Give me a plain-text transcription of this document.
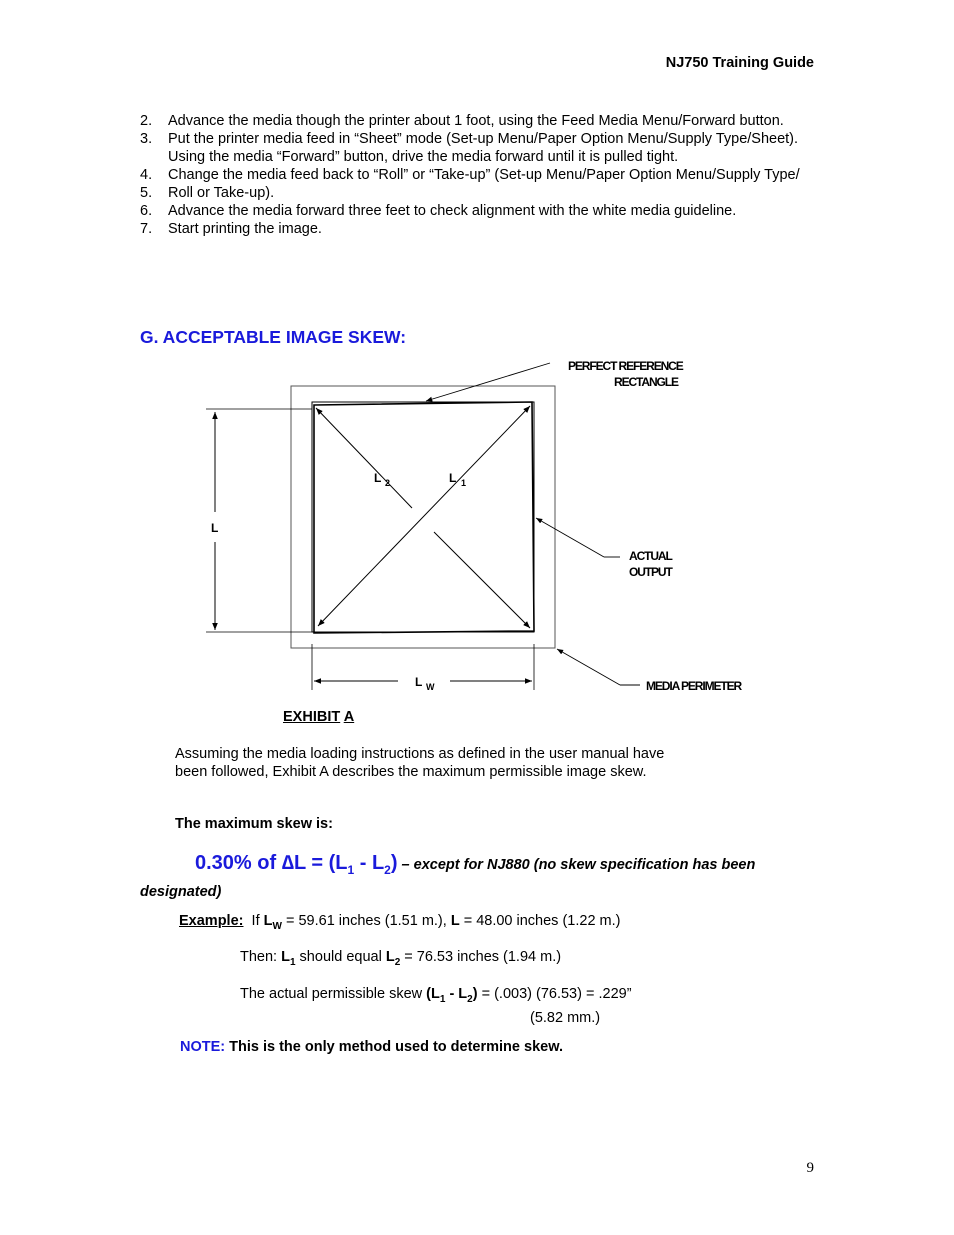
NJ750 Training Guide
2. Advance the media though the printer about 1 foot, using the Feed Media Menu/Forward button.
3. Put the printer media feed in “Sheet” mode (Set-up Menu/Paper Option Menu/Supply Type/Sheet). Using the media “Forward” button, drive the media forward until it is pulled tight.
4. Change the media feed back to “Roll” or “Take-up” (Set-up Menu/Paper Option Menu/Supply Type/
5. Roll or Take-up).
6. Advance the media forward three feet to check alignment with the white media guideline.
7. Start printing the image.
G. ACCEPTABLE IMAGE SKEW:
PERFECT REFERENCE
RECTANGLE
ACTUAL
OUTPUT
MEDIA PERIMETER
L
L 2	L 1
L W
EXHIBIT A
Assuming the media loading instructions as defined in the user manual have been followed, Exhibit A describes the maximum permissible image skew.
The maximum skew is:
0.30% of $\Delta L = (L_1 - L_2)$ – except for NJ880 (no skew specification has been designated)
Example:  If $L_W = 59.61$ inches (1.51 m.), L = 48.00 inches (1.22 m.)
Then: $L_1$ should equal $L_2 = 76.53$ inches (1.94 m.)
The actual permissible skew $(L_1 - L_2) = (.003) (76.53) = .229$”
(5.82 mm.)
NOTE: This is the only method used to determine skew.
9
